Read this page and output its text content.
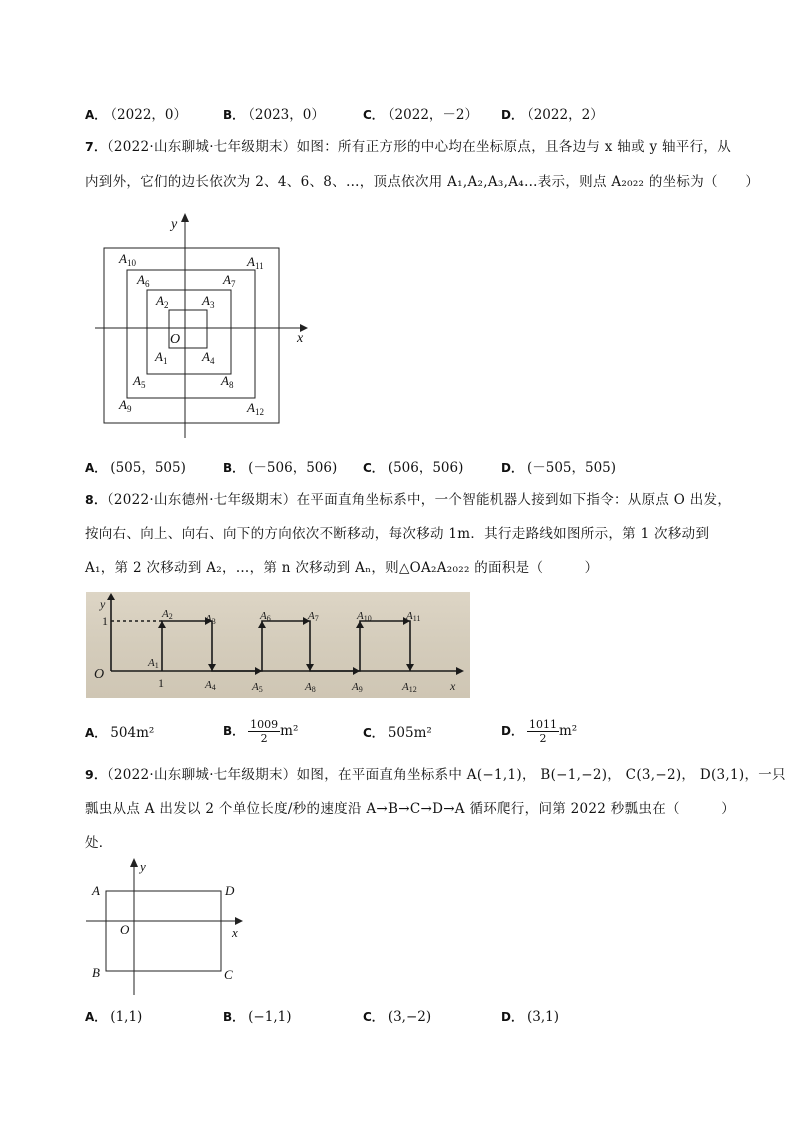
A． （2022，0）	B． （2023，0）	C． （2022，－2） D． （2022，2）
7．（2022·山东聊城·七年级期末）如图：所有正方形的中心均在坐标原点，且各边与 x 轴或 y 轴平行，从
内到外，它们的边长依次为 2、4、6、8、…，顶点依次用 A₁,A₂,A₃,A₄…表示，则点 A₂₀₂₂ 的坐标为（　　）
x
y
O
$A_1$
$A_2$	$A_3$
$A_4$
$A_5$
$A_6$	$A_7$
$A_8$
$A_9$
$A_{10}$	$A_{11}$
$A_{12}$
A． (505，505)	B． (－506，506) C． (506，506)	D． (－505，505)
8．（2022·山东德州·七年级期末）在平面直角坐标系中，一个智能机器人接到如下指令：从原点 O 出发，
按向右、向上、向右、向下的方向依次不断移动，每次移动 1m．其行走路线如图所示，第 1 次移动到
A₁，第 2 次移动到 A₂，…，第 n 次移动到 Aₙ，则△OA₂A₂₀₂₂ 的面积是（　　　）
O
y
x
1
1
A1
A2	A3
A4	A5
A6	A7
A8	A9
A10	A11
A12
A． 504m²	B． $\frac{1009}{2} m^2$	C． 505m²	D． $\frac{1011}{2} m^2$
9．（2022·山东聊城·七年级期末）如图，在平面直角坐标系中 A(−1,1)， B(−1,−2)， C(3,−2)， D(3,1)，一只
瓢虫从点 A 出发以 2 个单位长度/秒的速度沿 A→B→C→D→A 循环爬行，问第 2022 秒瓢虫在（　　　）
处．
x
y
O
A
B	C
D
A． (1,1)	B． (−1,1)	C． (3,−2)	D． (3,1)
